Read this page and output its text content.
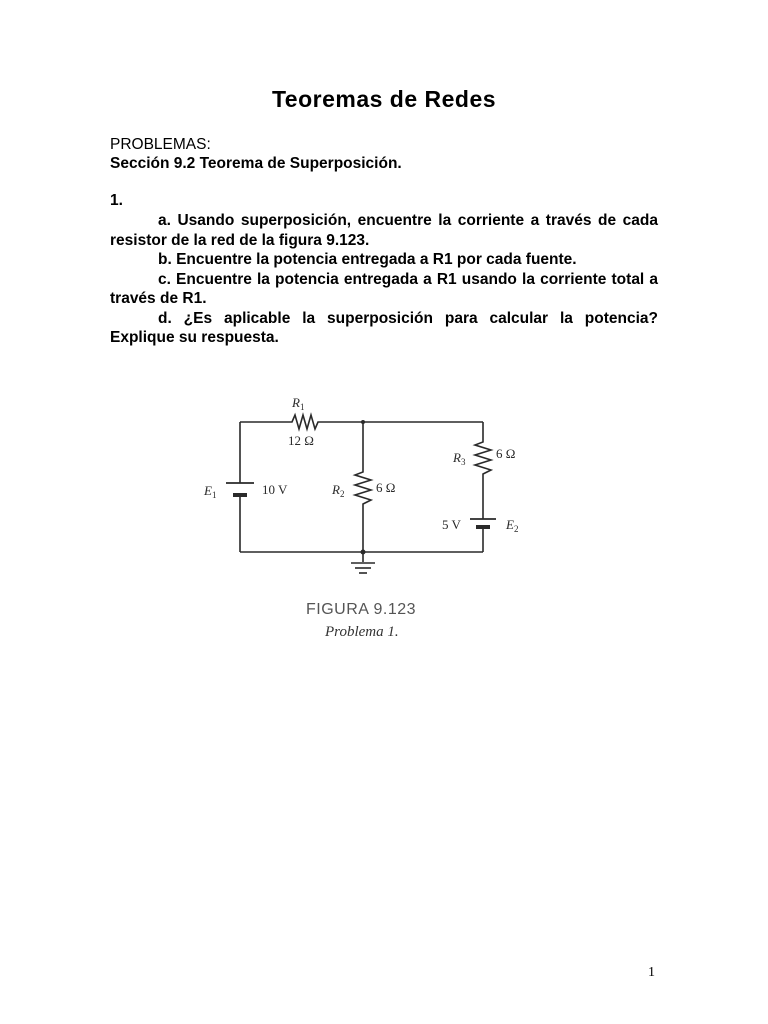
Teoremas de Redes
PROBLEMAS:
Sección 9.2 Teorema de Superposición.
1.

a. Usando superposición, encuentre la corriente a través de cada resistor de la red de la figura 9.123.

b. Encuentre la potencia entregada a R1 por cada fuente.

c. Encuentre la potencia entregada a R1 usando la corriente total a través de R1.

d. ¿Es aplicable la superposición para calcular la potencia? Explique su respuesta.

$R_1$
12 Ω
$R_2$ 6 Ω
$R_3$
6 Ω
$E_1$	10 V
5 V	$E_2$
FIGURA 9.123
Problema 1.
1
